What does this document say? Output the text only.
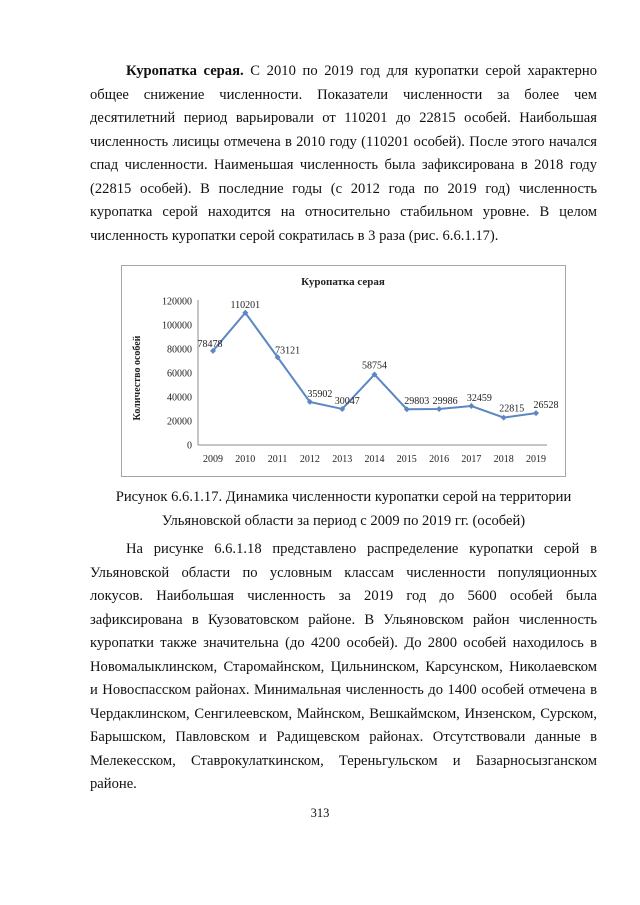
Куропатка серая. С 2010 по 2019 год для куропатки серой характерно общее снижение численности. Показатели численности за более чем десятилетний период варьировали от 110201 до 22815 особей. Наибольшая численность лисицы отмечена в 2010 году (110201 особей). После этого начался спад численности. Наименьшая численность была зафиксирована в 2018 году (22815 особей). В последние годы (с 2012 года по 2019 год) численность куропатка серой находится на относительно стабильном уровне. В целом численность куропатки серой сократилась в 3 раза (рис. 6.6.1.17).

Куропатка серая
Количество особей
0
20000
40000
60000
80000
100000
120000
2009 2010 2011 2012 2013 2014 2015 2016 2017 2018 2019
78478
110201
73121
35902
30047
58754
29803 29986 32459
22815 26528

Рисунок 6.6.1.17. Динамика численности куропатки серой на территории

Ульяновской области за период с 2009 по 2019 гг. (особей)

На рисунке 6.6.1.18 представлено распределение куропатки серой в Ульяновской области по условным классам численности популяционных локусов. Наибольшая численность за 2019 год до 5600 особей была зафиксирована в Кузоватовском районе. В Ульяновском район численность куропатки также значительна (до 4200 особей). До 2800 особей находилось в Новомалыклинском, Старомайнском, Цильнинском, Карсунском, Николаевском и Новоспасском районах. Минимальная численность до 1400 особей отмечена в Чердаклинском, Сенгилеевском, Майнском, Вешкаймском, Инзенском, Сурском, Барышском, Павловском и Радищевском районах. Отсутствовали данные в Мелекесском, Ставрокулаткинском, Тереньгульском и Базарносызганском районе.

313
